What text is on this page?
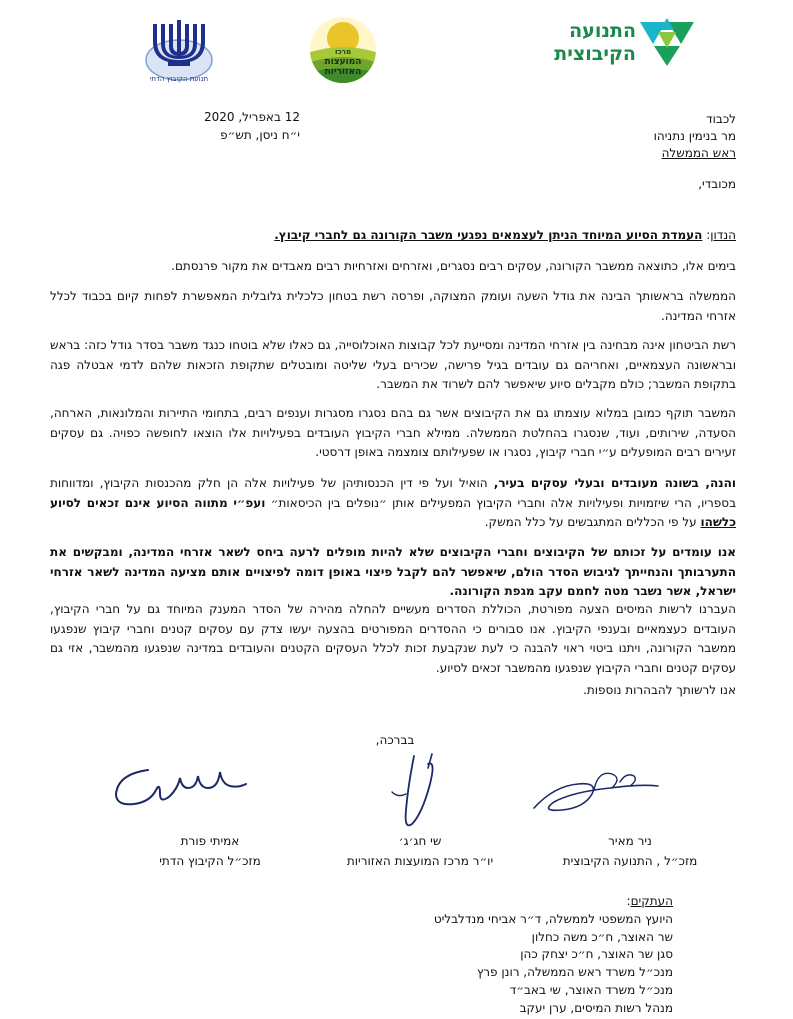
תנועת הקיבוץ הדתי
מרכז
המועצות האזוריות
התנועה
הקיבוצית
12 באפריל, 2020
י״ח ניסן, תש״פ
לכבוד
מר בנימין נתניהו
ראש הממשלה
מכובדי,
הנדון: העמדת הסיוע המיוחד הניתן לעצמאים נפגעי משבר הקורונה גם לחברי קיבוץ.
בימים אלו, כתוצאה ממשבר הקורונה, עסקים רבים נסגרים, ואזרחים ואזרחיות רבים מאבדים את מקור פרנסתם.
הממשלה בראשותך הבינה את גודל השעה ועומק המצוקה, ופרסה רשת בטחון כלכלית גלובלית המאפשרת לפחות קיום בכבוד לכלל אזרחי המדינה.
רשת הביטחון אינה מבחינה בין אזרחי המדינה ומסייעת לכל קבוצות האוכלוסייה, גם כאלו שלא בוטחו כנגד משבר בסדר גודל כזה: בראש ובראשונה העצמאיים, ואחריהם גם עובדים בגיל פרישה, שכירים בעלי שליטה ומובטלים שתקופת הזכאות שלהם לדמי אבטלה פגה בתקופת המשבר; כולם מקבלים סיוע שיאפשר להם לשרוד את המשבר.
המשבר תוקף כמובן במלוא עוצמתו גם את הקיבוצים אשר גם בהם נסגרו מסגרות וענפים רבים, בתחומי התיירות והמלונאות, הארחה, הסעדה, שירותים, ועוד, שנסגרו בהחלטת הממשלה. ממילא חברי הקיבוץ העובדים בפעילויות אלו הוצאו לחופשה כפויה. גם עסקים זעירים רבים המופעלים ע״י חברי קיבוץ, נסגרו או שפעילותם צומצמה באופן דרסטי.
והנה, בשונה מעובדים ובעלי עסקים בעיר, הואיל ועל פי דין הכנסותיהן של פעילויות אלה הן חלק מהכנסות הקיבוץ, ומדווחות בספריו, הרי שיזמויות ופעילויות אלה וחברי הקיבוץ המפעילים אותן ״נופלים בין הכיסאות״ ועפ״י מתווה הסיוע אינם זכאים לסיוע כלשהו על פי הכללים המתגבשים על כלל המשק.
אנו עומדים על זכותם של הקיבוצים וחברי הקיבוצים שלא להיות מופלים לרעה ביחס לשאר אזרחי המדינה, ומבקשים את התערבותך והנחייתך לגיבוש הסדר הולם, שיאפשר להם לקבל פיצוי באופן דומה לפיצויים אותם מציעה המדינה לשאר אזרחי ישראל, אשר נשבר מטה לחמם עקב מגפת הקורונה.
העברנו לרשות המיסים הצעה מפורטת, הכוללת הסדרים מעשיים להחלה מהירה של הסדר המענק המיוחד גם על חברי הקיבוץ, העובדים כעצמאיים ובענפי הקיבוץ. אנו סבורים כי ההסדרים המפורטים בהצעה יעשו צדק עם עסקים קטנים וחברי קיבוץ שנפגעו ממשבר הקורונה, ויתנו ביטוי ראוי להבנה כי לעת שנקבעת זכות לכלל העסקים הקטנים והעובדים במדינה שנפגעו מהמשבר, אזי גם עסקים קטנים וחברי הקיבוץ שנפגעו מהמשבר זכאים לסיוע.
אנו לרשותך להבהרות נוספות.
בברכה,
ניר מאיר
מזכ״ל , התנועה הקיבוצית
שי חג׳ג׳
יו״ר מרכז המועצות האזוריות
אמיתי פורת
מזכ״ל הקיבוץ הדתי
העתקים:
היועץ המשפטי לממשלה, ד״ר אביחי מנדלבליט
שר האוצר, ח״כ משה כחלון
סגן שר האוצר, ח״כ יצחק כהן
מנכ״ל משרד ראש הממשלה, רונן פרץ
מנכ״ל משרד האוצר, שי באב״ד
מנהל רשות המיסים, ערן יעקב
